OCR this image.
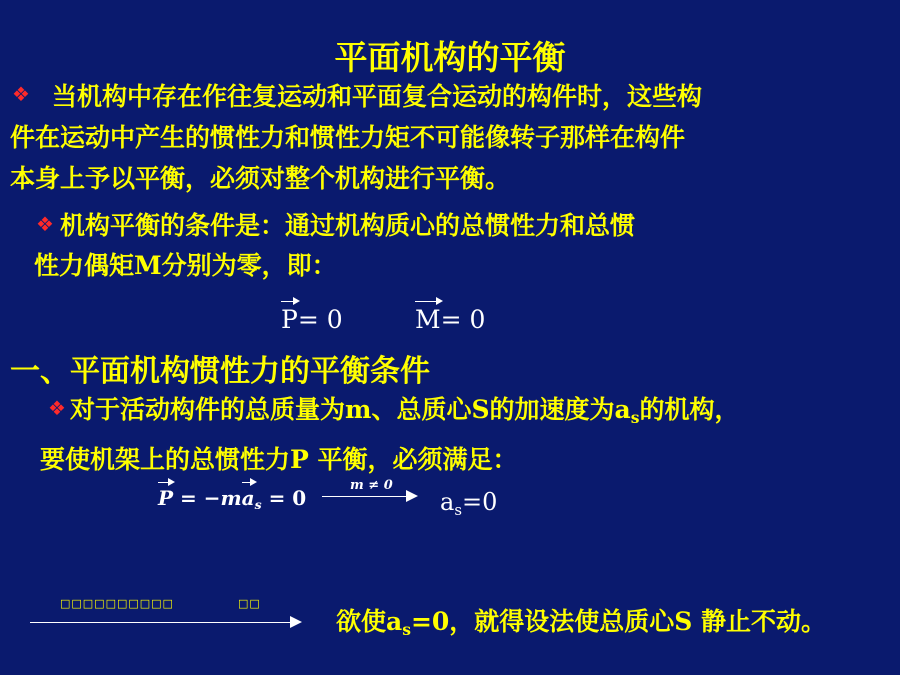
平面机构的平衡
❖ 当机构中存在作往复运动和平面复合运动的构件时，这些构
件在运动中产生的惯性力和惯性力矩不可能像转子那样在构件
本身上予以平衡，必须对整个机构进行平衡。
❖ 机构平衡的条件是：通过机构质心的总惯性力和总惯
性力偶矩M分别为零，即：
P= 0	M= 0
一、平面机构惯性力的平衡条件
❖ 对于活动构件的总质量为m、总质心S的加速度为$a_s$的机构，
要使机架上的总惯性力P 平衡，必须满足：
$P = -ma_s = 0$
m ≠ 0
$a_s=0$
□□□□□□□□□□	□□
欲使$a_s=0$，就得设法使总质心S 静止不动。
